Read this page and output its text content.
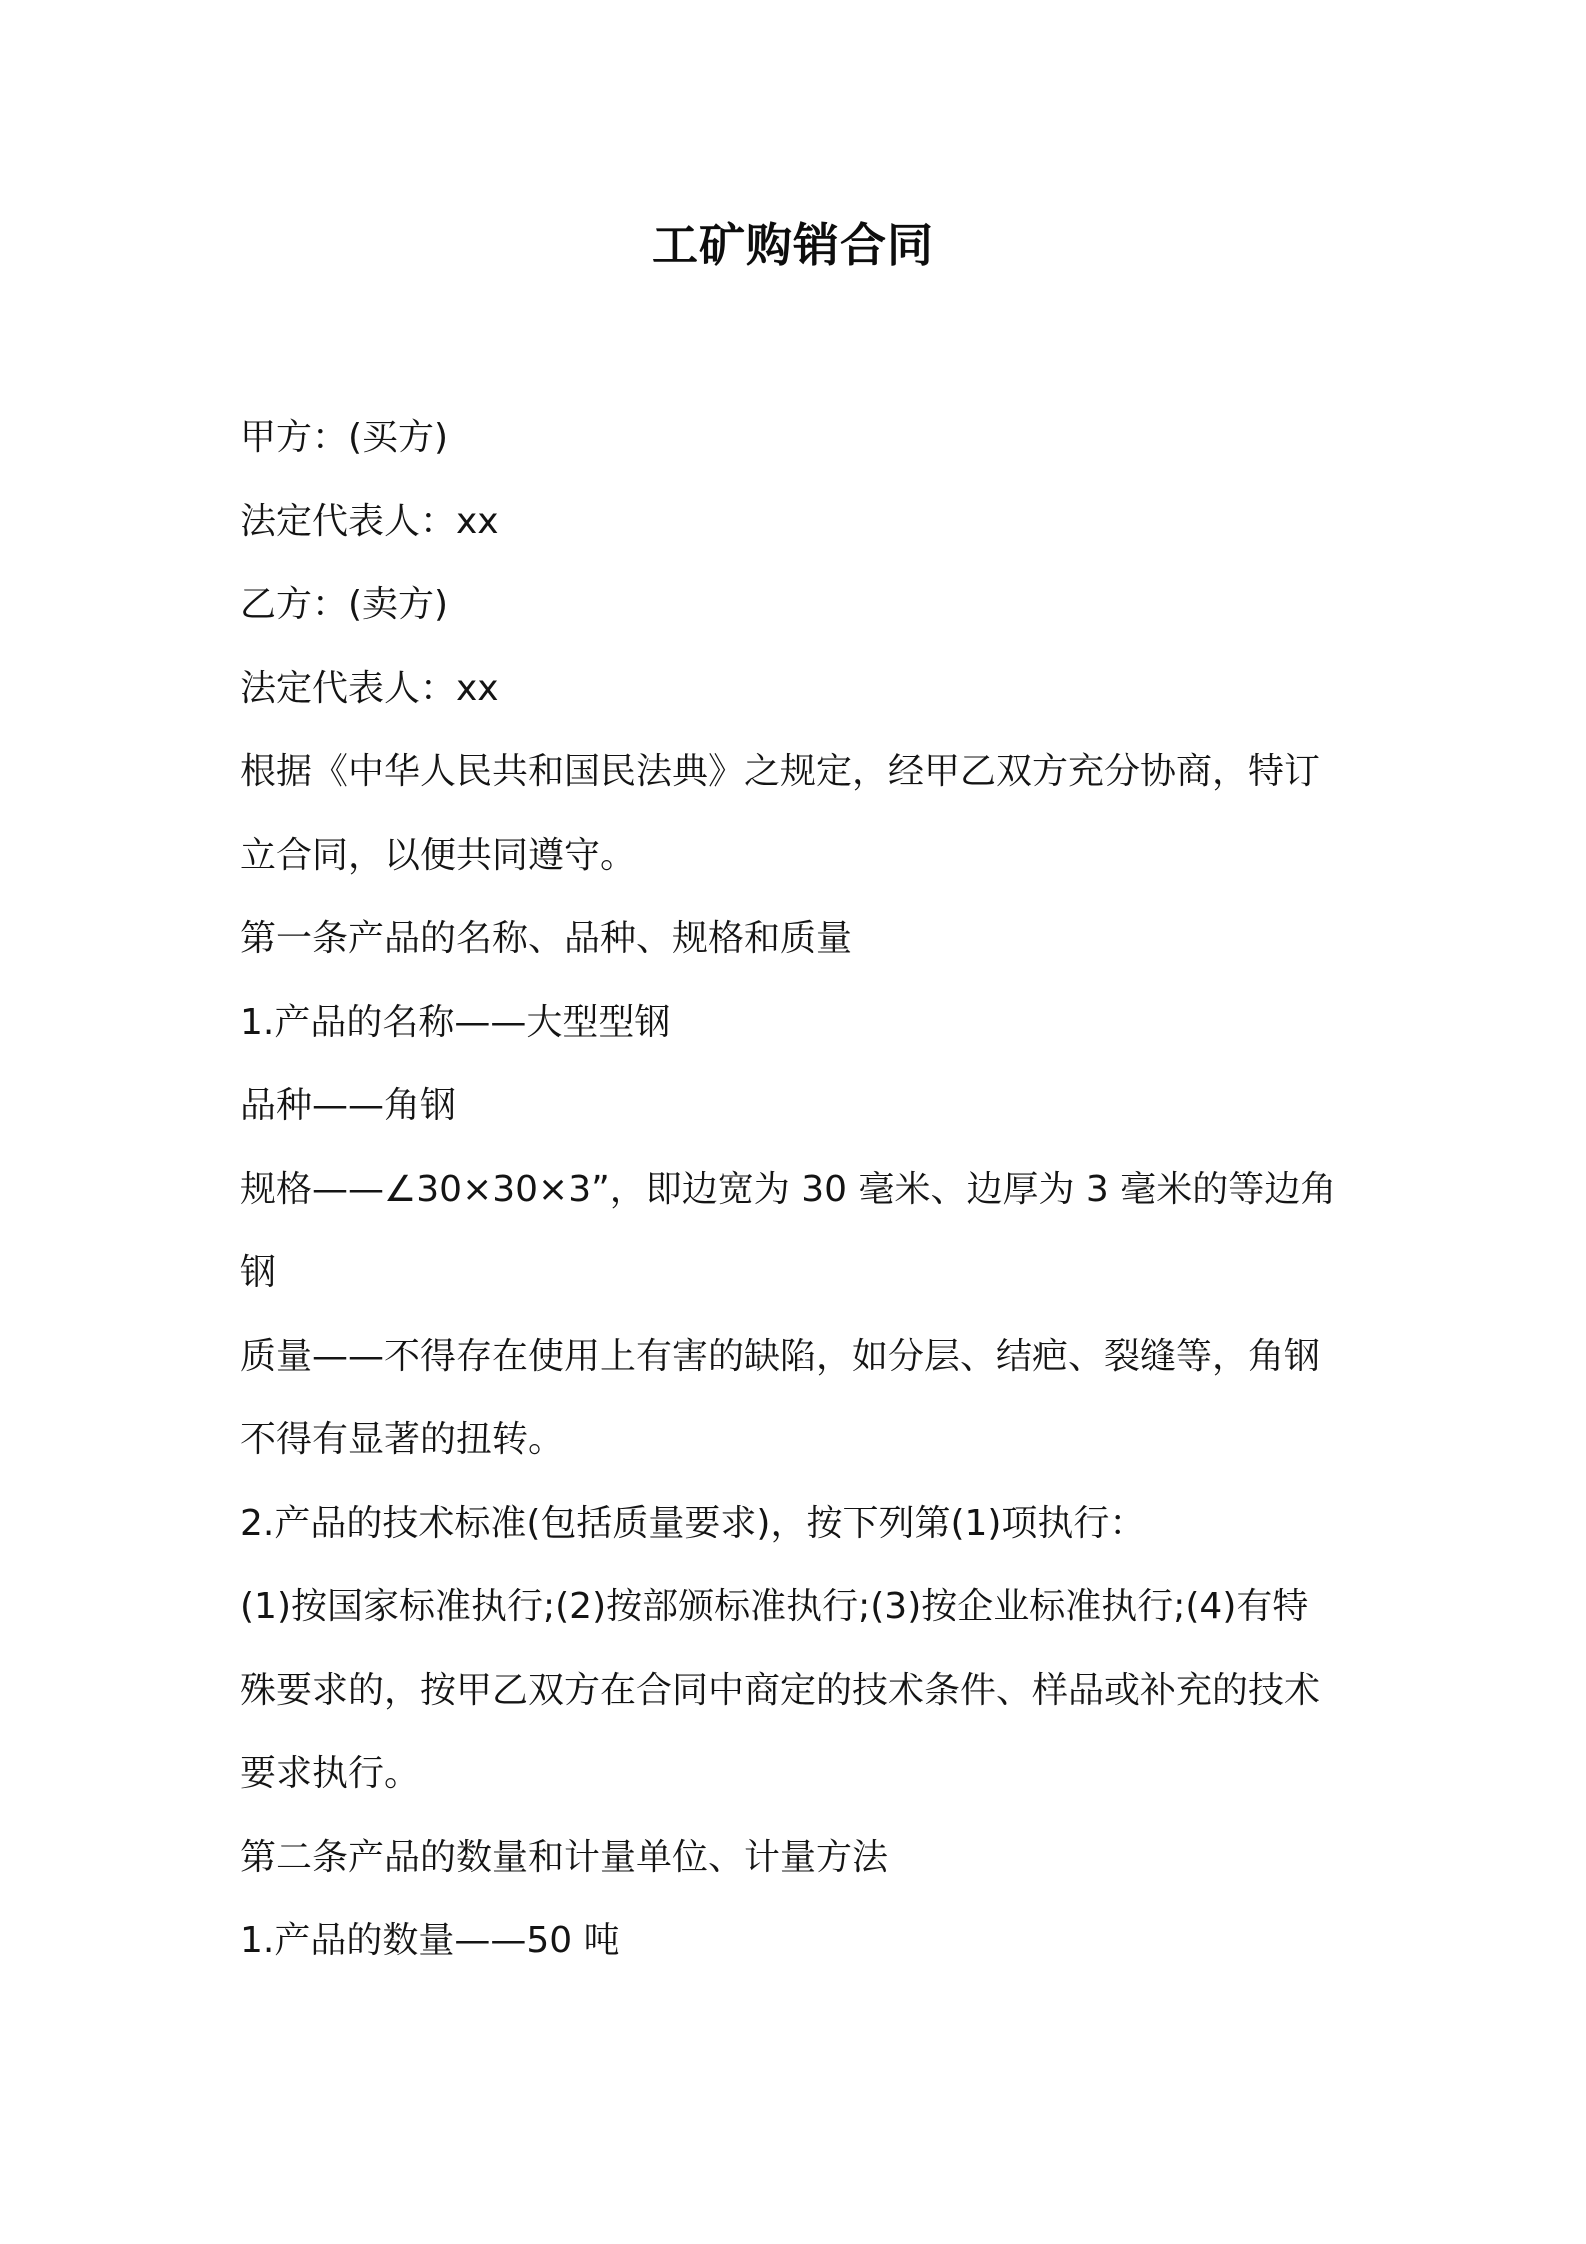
工矿购销合同
甲方：(买方)
法定代表人：xx
乙方：(卖方)
法定代表人：xx
根据《中华人民共和国民法典》之规定，经甲乙双方充分协商，特订
立合同，以便共同遵守。
第一条产品的名称、品种、规格和质量
1.产品的名称——大型型钢
品种——角钢
规格——∠30×30×3”，即边宽为 30 毫米、边厚为 3 毫米的等边角
钢
质量——不得存在使用上有害的缺陷，如分层、结疤、裂缝等，角钢
不得有显著的扭转。
2.产品的技术标准(包括质量要求)，按下列第(1)项执行：
(1)按国家标准执行;(2)按部颁标准执行;(3)按企业标准执行;(4)有特
殊要求的，按甲乙双方在合同中商定的技术条件、样品或补充的技术
要求执行。
第二条产品的数量和计量单位、计量方法
1.产品的数量——50 吨
